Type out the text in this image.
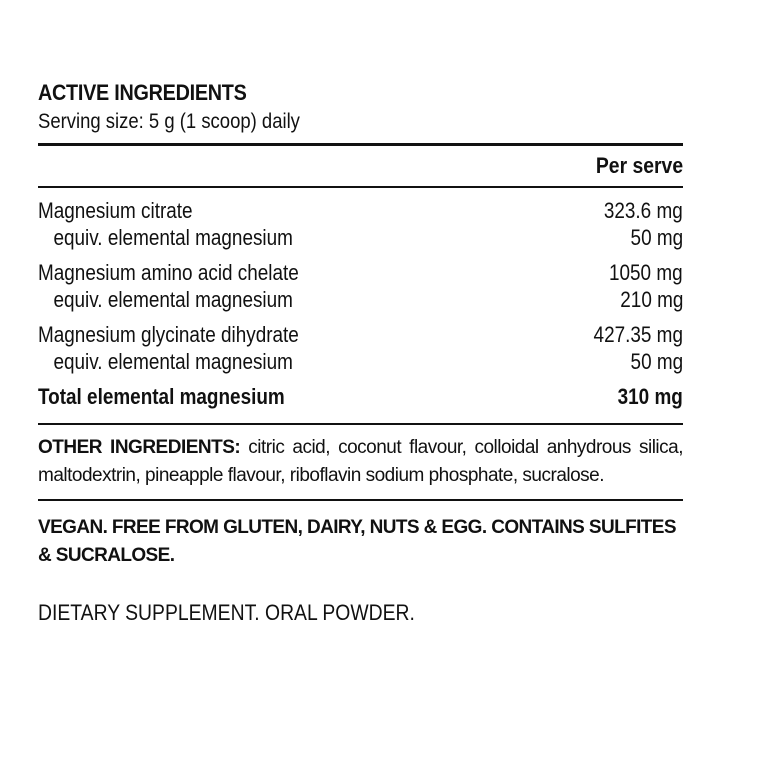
ACTIVE INGREDIENTS
Serving size: 5 g (1 scoop) daily
Per serve
Magnesium citrate	323.6 mg
equiv. elemental magnesium	50 mg
Magnesium amino acid chelate	1050 mg
equiv. elemental magnesium	210 mg
Magnesium glycinate dihydrate	427.35 mg
equiv. elemental magnesium	50 mg
Total elemental magnesium	310 mg
OTHER INGREDIENTS: citric acid, coconut flavour, colloidal anhydrous silica, maltodextrin, pineapple flavour, riboflavin sodium phosphate, sucralose.
VEGAN. FREE FROM GLUTEN, DAIRY, NUTS & EGG. CONTAINS SULFITES & SUCRALOSE.
DIETARY SUPPLEMENT. ORAL POWDER.
